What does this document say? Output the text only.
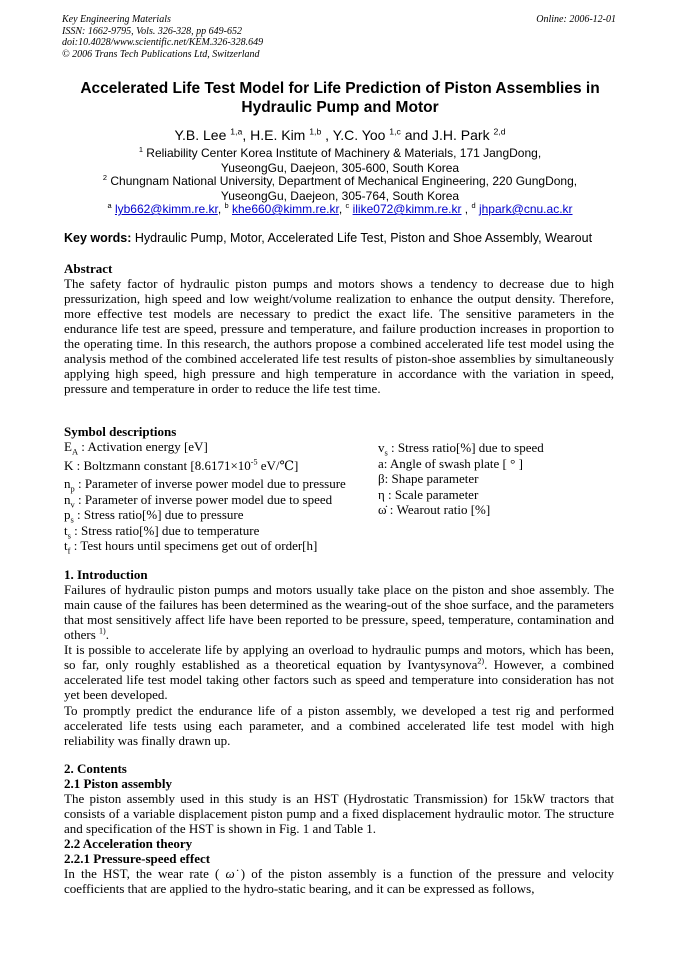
Key Engineering Materials
ISSN: 1662-9795, Vols. 326-328, pp 649-652
doi:10.4028/www.scientific.net/KEM.326-328.649
© 2006 Trans Tech Publications Ltd, Switzerland
Online: 2006-12-01
Accelerated Life Test Model for Life Prediction of Piston Assemblies in
Hydraulic Pump and Motor
Y.B. Lee $^{1,a}$, H.E. Kim $^{1,b}$ , Y.C. Yoo $^{1,c}$ and J.H. Park $^{2,d}$
$^1$ Reliability Center Korea Institute of Machinery & Materials, 171 JangDong,
YuseongGu, Daejeon, 305-600, South Korea
$^2$ Chungnam National University, Department of Mechanical Engineering, 220 GungDong,
YuseongGu, Daejeon, 305-764, South Korea
$^a$ lyb662@kimm.re.kr, $^b$ khe660@kimm.re.kr, $^c$ ilike072@kimm.re.kr , $^d$ jhpark@cnu.ac.kr
Key words: Hydraulic Pump, Motor, Accelerated Life Test, Piston and Shoe Assembly, Wearout
Abstract
The safety factor of hydraulic piston pumps and motors shows a tendency to decrease due to high pressurization, high speed and low weight/volume realization to enhance the output density. Therefore, more effective test models are necessary to predict the exact life. The sensitive parameters in the endurance life test are speed, pressure and temperature, and failure production increases in proportion to the operating time. In this research, the authors propose a combined accelerated life test model using the analysis method of the combined accelerated life test results of piston-shoe assemblies by simultaneously applying high speed, high pressure and high temperature in accordance with the variation in speed, pressure and temperature in order to reduce the life test time.
Symbol descriptions
$E_A$ : Activation energy [eV]
K : Boltzmann constant [$8.6171\times 10^{-5}$ eV/℃]
$n_p$ : Parameter of inverse power model due to pressure
$n_v$ : Parameter of inverse power model due to speed
$p_s$ : Stress ratio[%] due to pressure
$t_s$ : Stress ratio[%] due to temperature
$t_f$ : Test hours until specimens get out of order[h]
$v_s$ : Stress ratio[%] due to speed
a: Angle of swash plate [ ° ]
β: Shape parameter
η : Scale parameter
ω̇ : Wearout ratio [%]
1. Introduction
Failures of hydraulic piston pumps and motors usually take place on the piston and shoe assembly. The main cause of the failures has been determined as the wearing-out of the shoe surface, and the parameters that most sensitively affect life have been reported to be pressure, speed, temperature, contamination and others $^{1)}$.
It is possible to accelerate life by applying an overload to hydraulic pumps and motors, which has been, so far, only roughly established as a theoretical equation by Ivantysynova$^{2)}$. However, a combined accelerated life test model taking other factors such as speed and temperature into consideration has not yet been developed.
To promptly predict the endurance life of a piston assembly, we developed a test rig and performed accelerated life tests using each parameter, and a combined accelerated life test model with high reliability was finally drawn up.
2. Contents
2.1 Piston assembly
The piston assembly used in this study is an HST (Hydrostatic Transmission) for 15kW tractors that consists of a variable displacement piston pump and a fixed displacement hydraulic motor. The structure and specification of the HST is shown in Fig. 1 and Table 1.
2.2 Acceleration theory
2.2.1 Pressure-speed effect
In the HST, the wear rate ( ω̇ ) of the piston assembly is a function of the pressure and velocity coefficients that are applied to the hydro-static bearing, and it can be expressed as follows,
